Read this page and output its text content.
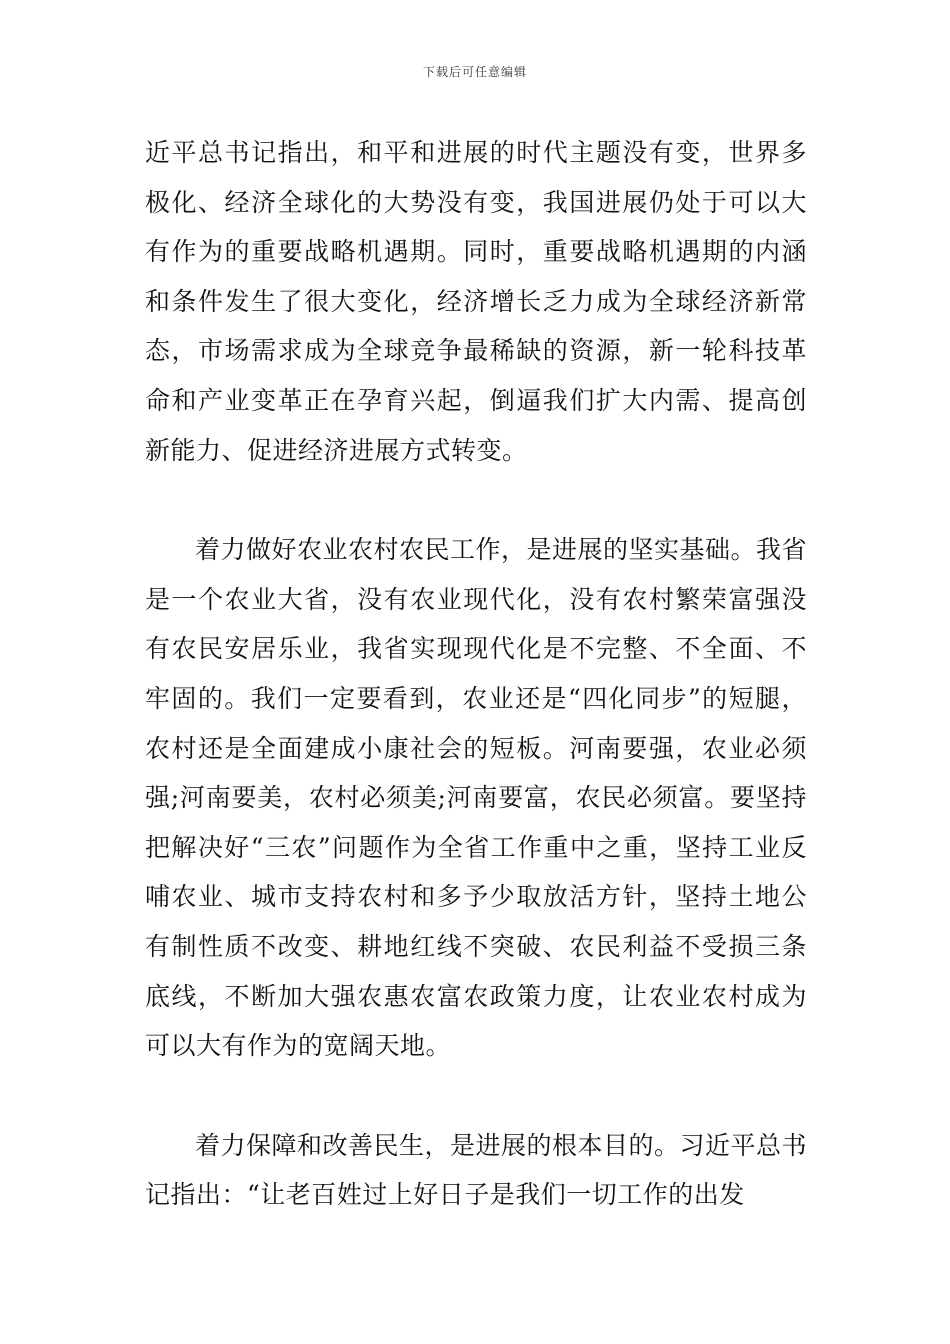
下载后可任意编辑

近平总书记指出，和平和进展的时代主题没有变，世界多极化、经济全球化的大势没有变，我国进展仍处于可以大有作为的重要战略机遇期。同时，重要战略机遇期的内涵和条件发生了很大变化，经济增长乏力成为全球经济新常态，市场需求成为全球竞争最稀缺的资源，新一轮科技革命和产业变革正在孕育兴起，倒逼我们扩大内需、提高创新能力、促进经济进展方式转变。

着力做好农业农村农民工作，是进展的坚实基础。我省是一个农业大省，没有农业现代化，没有农村繁荣富强没有农民安居乐业，我省实现现代化是不完整、不全面、不牢固的。我们一定要看到，农业还是“四化同步”的短腿，农村还是全面建成小康社会的短板。河南要强，农业必须强;河南要美，农村必须美;河南要富，农民必须富。要坚持把解决好“三农”问题作为全省工作重中之重，坚持工业反哺农业、城市支持农村和多予少取放活方针，坚持土地公有制性质不改变、耕地红线不突破、农民利益不受损三条底线，不断加大强农惠农富农政策力度，让农业农村成为可以大有作为的宽阔天地。

着力保障和改善民生，是进展的根本目的。习近平总书记指出：“让老百姓过上好日子是我们一切工作的出发
